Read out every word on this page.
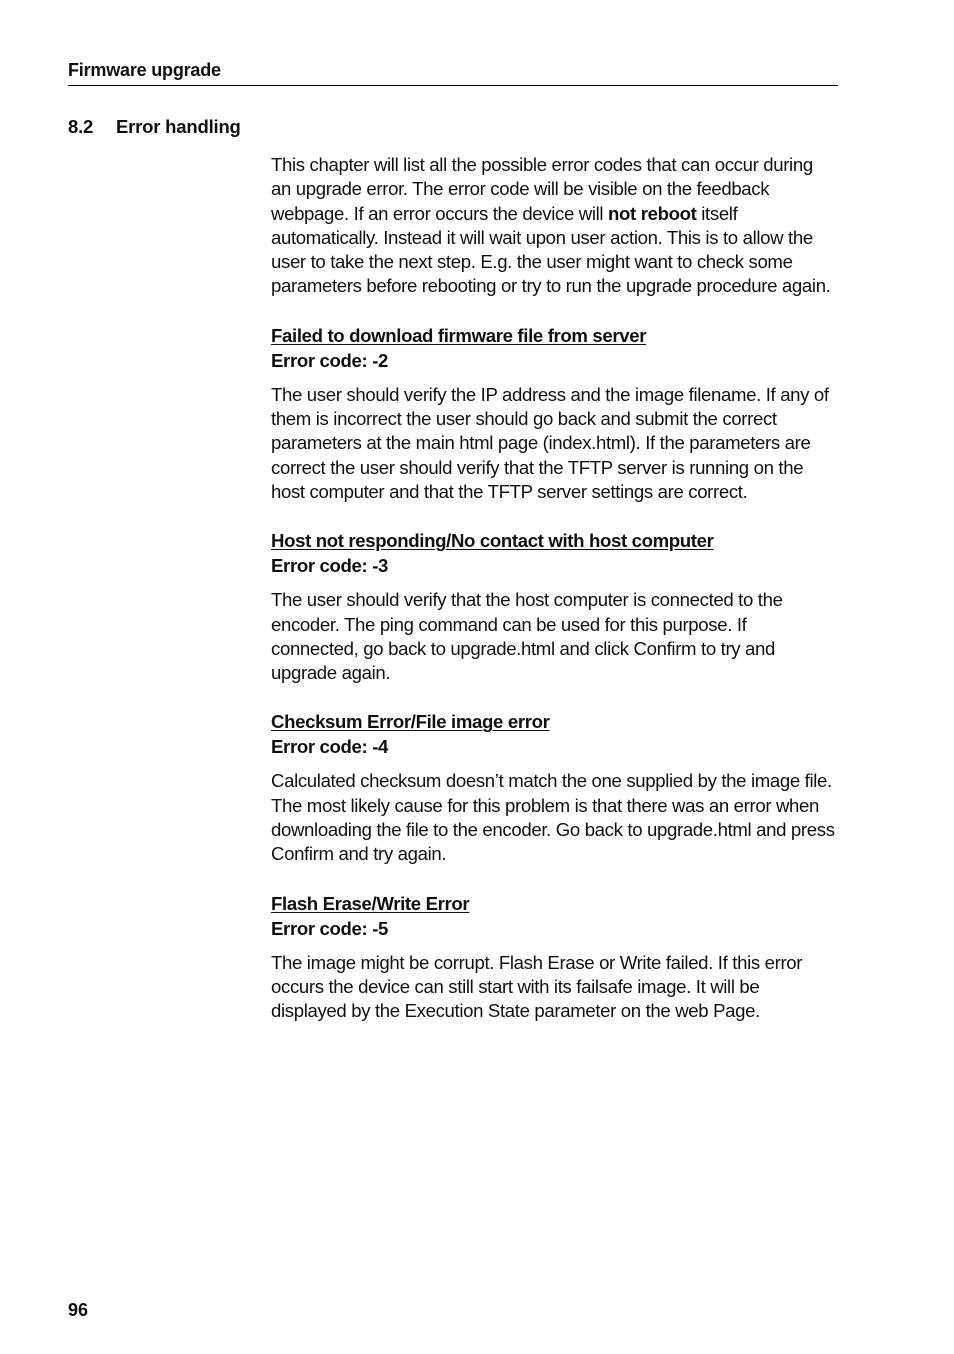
Firmware upgrade
8.2 Error handling

This chapter will list all the possible error codes that can occur during an upgrade error. The error code will be visible on the feedback webpage. If an error occurs the device will not reboot itself automatically. Instead it will wait upon user action. This is to allow the user to take the next step. E.g. the user might want to check some parameters before rebooting or try to run the upgrade procedure again.

Failed to download firmware file from server
Error code: -2

The user should verify the IP address and the image filename. If any of them is incorrect the user should go back and submit the correct parameters at the main html page (index.html). If the parameters are correct the user should verify that the TFTP server is running on the host computer and that the TFTP server settings are correct.

Host not responding/No contact with host computer
Error code: -3

The user should verify that the host computer is connected to the encoder. The ping command can be used for this purpose. If connected, go back to upgrade.html and click Confirm to try and upgrade again.

Checksum Error/File image error
Error code: -4

Calculated checksum doesn’t match the one supplied by the image file. The most likely cause for this problem is that there was an error when downloading the file to the encoder. Go back to upgrade.html and press Confirm and try again.

Flash Erase/Write Error
Error code: -5

The image might be corrupt. Flash Erase or Write failed. If this error occurs the device can still start with its failsafe image. It will be displayed by the Execution State parameter on the web Page.

96
